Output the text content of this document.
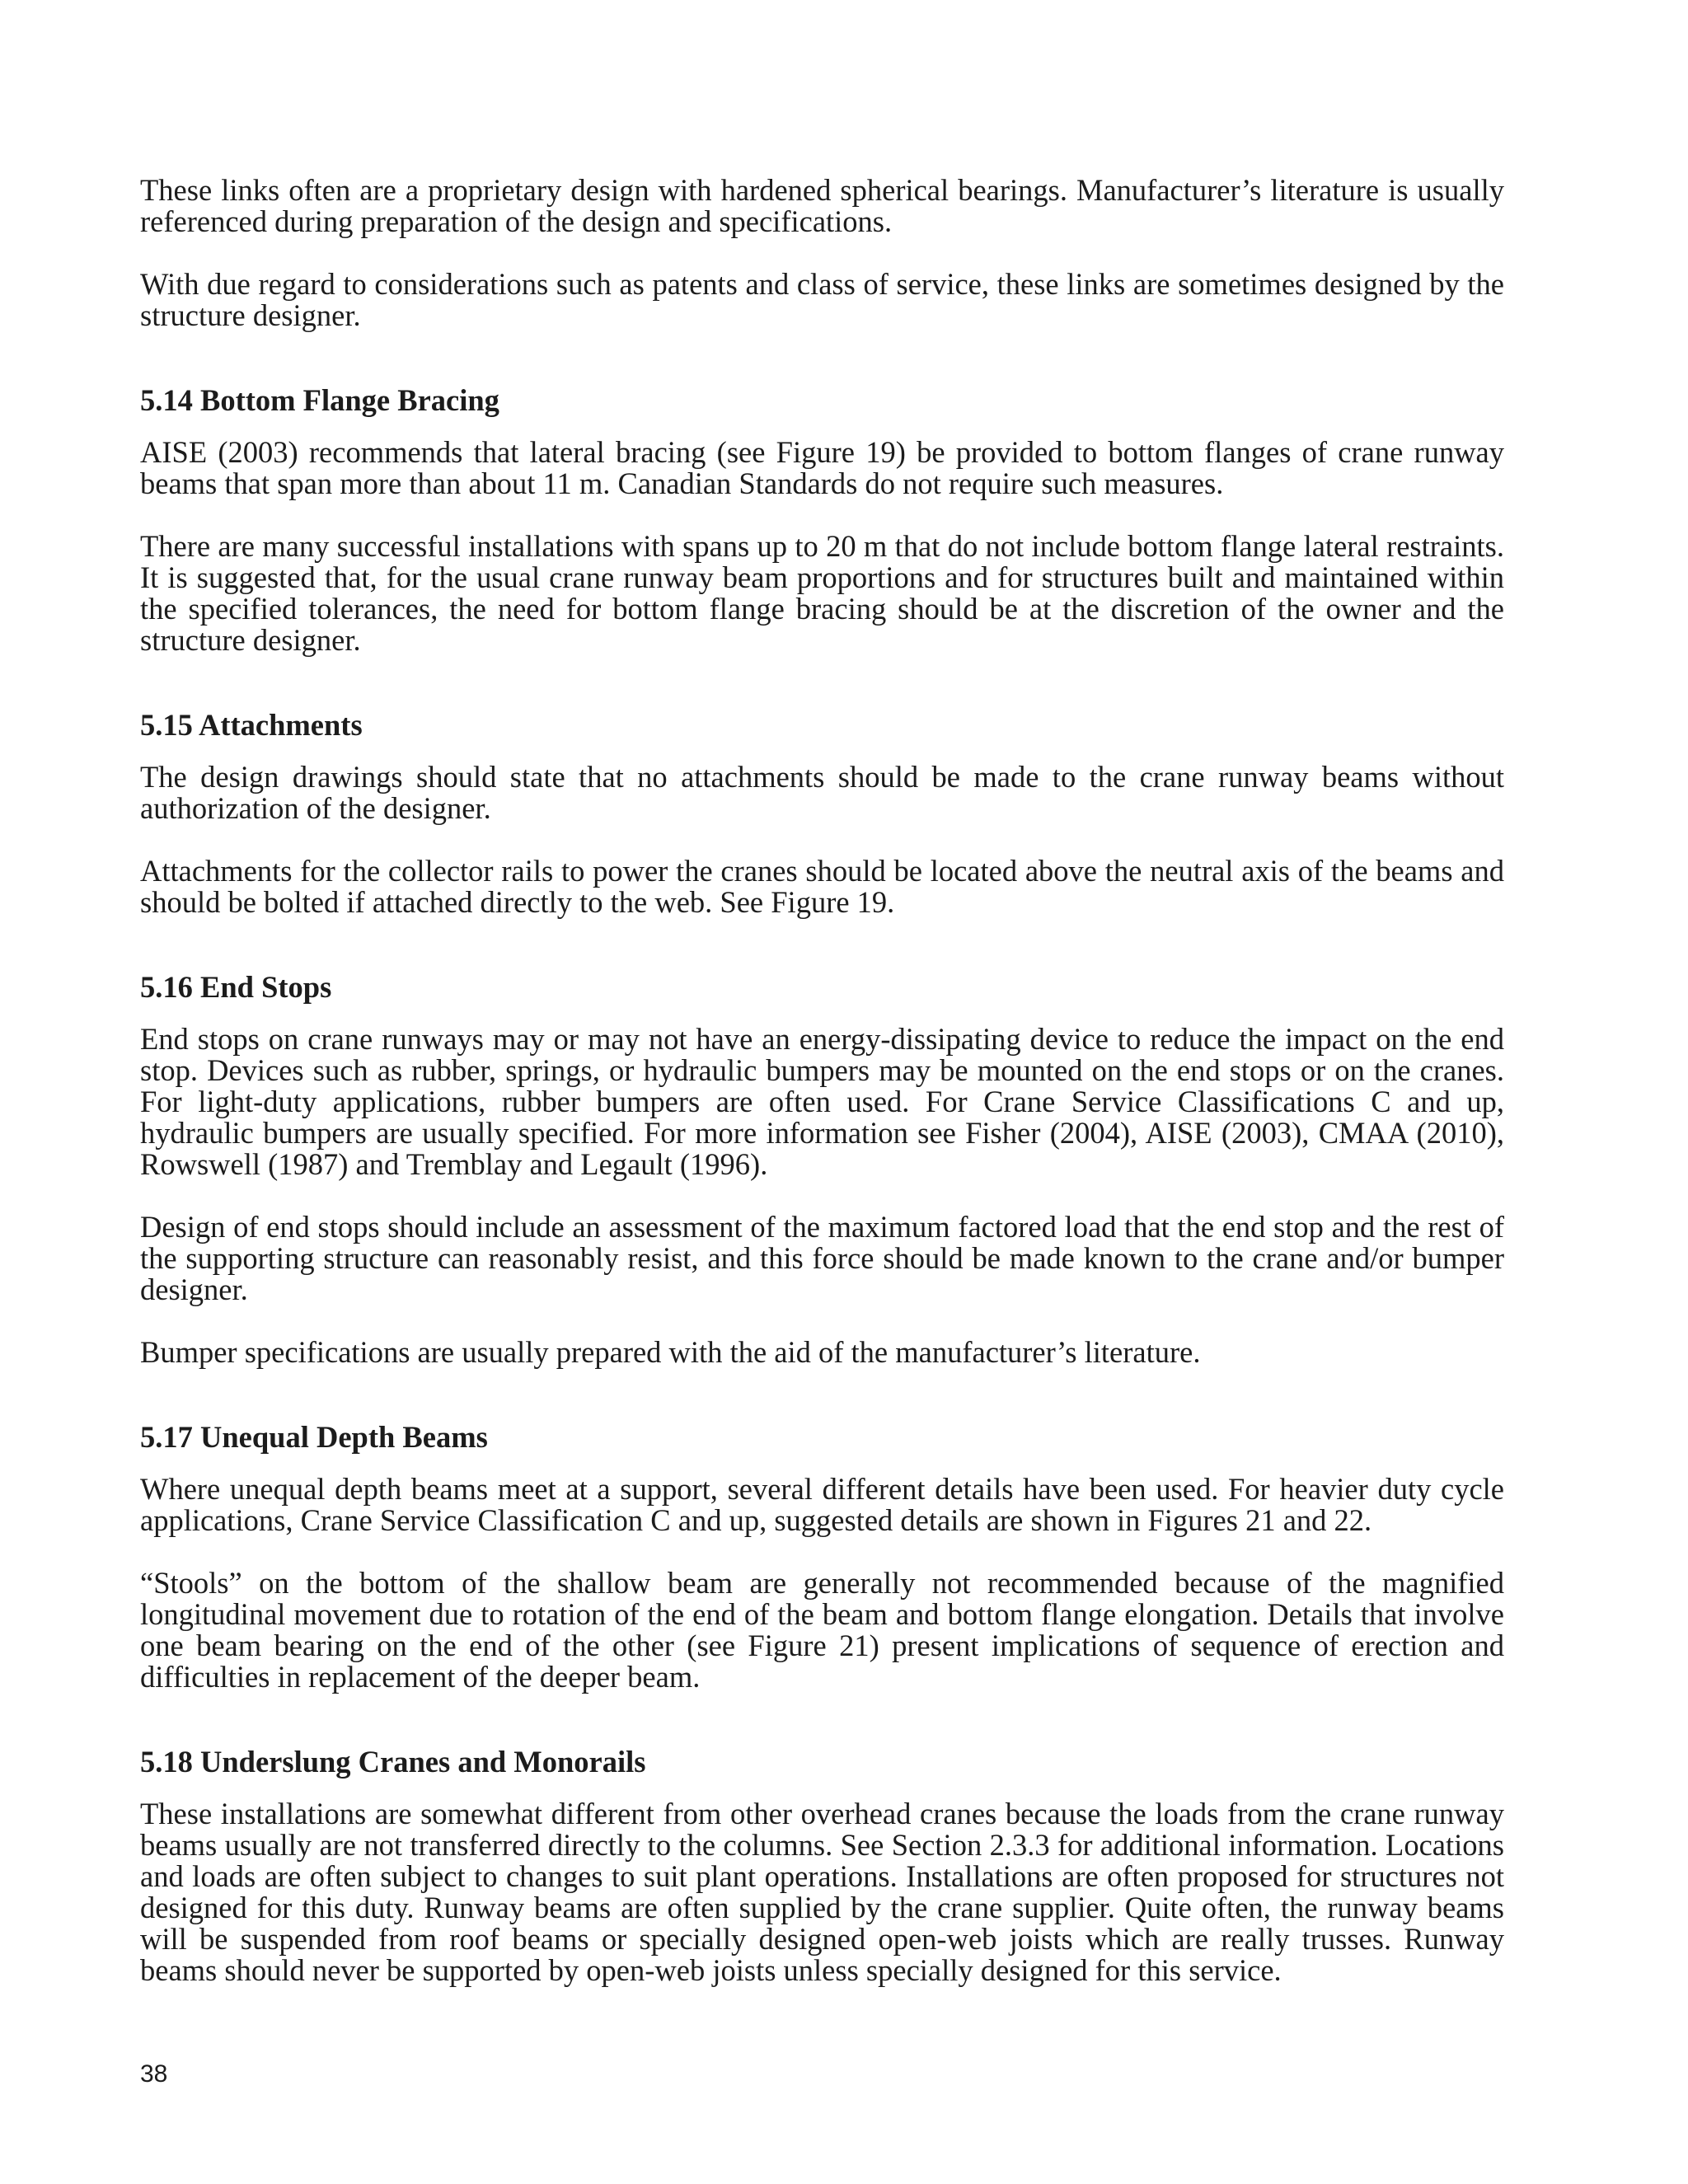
These links often are a proprietary design with hardened spherical bearings. Manufacturer’s literature is usually referenced during preparation of the design and specifications.

With due regard to considerations such as patents and class of service, these links are sometimes designed by the structure designer.

5.14 Bottom Flange Bracing

AISE (2003) recommends that lateral bracing (see Figure 19) be provided to bottom flanges of crane runway beams that span more than about 11 m. Canadian Standards do not require such measures.

There are many successful installations with spans up to 20 m that do not include bottom flange lateral restraints. It is suggested that, for the usual crane runway beam proportions and for structures built and maintained within the specified tolerances, the need for bottom flange bracing should be at the discretion of the owner and the structure designer.

5.15 Attachments

The design drawings should state that no attachments should be made to the crane runway beams without authorization of the designer.

Attachments for the collector rails to power the cranes should be located above the neutral axis of the beams and should be bolted if attached directly to the web. See Figure 19.

5.16 End Stops

End stops on crane runways may or may not have an energy-dissipating device to reduce the impact on the end stop. Devices such as rubber, springs, or hydraulic bumpers may be mounted on the end stops or on the cranes. For light-duty applications, rubber bumpers are often used. For Crane Service Classifications C and up, hydraulic bumpers are usually specified. For more information see Fisher (2004), AISE (2003), CMAA (2010), Rowswell (1987) and Tremblay and Legault (1996).

Design of end stops should include an assessment of the maximum factored load that the end stop and the rest of the supporting structure can reasonably resist, and this force should be made known to the crane and/or bumper designer.

Bumper specifications are usually prepared with the aid of the manufacturer’s literature.

5.17 Unequal Depth Beams

Where unequal depth beams meet at a support, several different details have been used. For heavier duty cycle applications, Crane Service Classification C and up, suggested details are shown in Figures 21 and 22.

“Stools” on the bottom of the shallow beam are generally not recommended because of the magnified longitudinal movement due to rotation of the end of the beam and bottom flange elongation. Details that involve one beam bearing on the end of the other (see Figure 21) present implications of sequence of erection and difficulties in replacement of the deeper beam.

5.18 Underslung Cranes and Monorails

These installations are somewhat different from other overhead cranes because the loads from the crane runway beams usually are not transferred directly to the columns. See Section 2.3.3 for additional information. Locations and loads are often subject to changes to suit plant operations. Installations are often proposed for structures not designed for this duty. Runway beams are often supplied by the crane supplier. Quite often, the runway beams will be suspended from roof beams or specially designed open-web joists which are really trusses. Runway beams should never be supported by open-web joists unless specially designed for this service.

38
